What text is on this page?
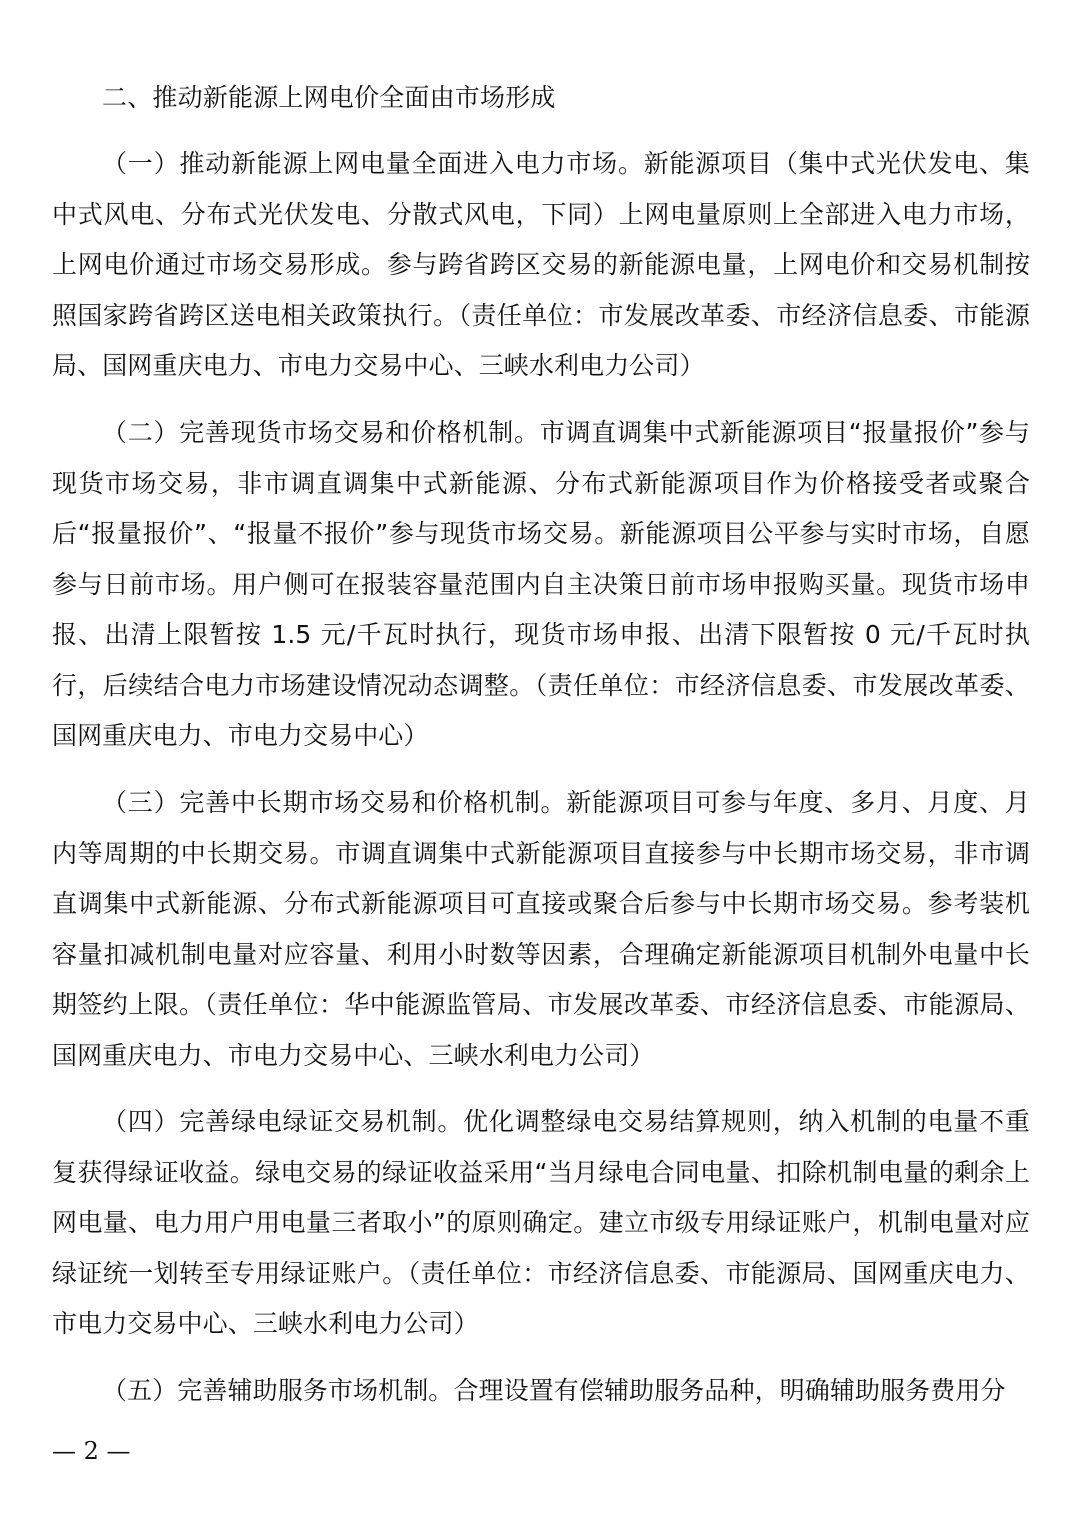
二、推动新能源上网电价全面由市场形成

（一）推动新能源上网电量全面进入电力市场。新能源项目（集中式光伏发电、集中式风电、分布式光伏发电、分散式风电，下同）上网电量原则上全部进入电力市场，上网电价通过市场交易形成。参与跨省跨区交易的新能源电量，上网电价和交易机制按照国家跨省跨区送电相关政策执行。（责任单位：市发展改革委、市经济信息委、市能源局、国网重庆电力、市电力交易中心、三峡水利电力公司）

（二）完善现货市场交易和价格机制。市调直调集中式新能源项目“报量报价”参与现货市场交易，非市调直调集中式新能源、分布式新能源项目作为价格接受者或聚合后“报量报价”、“报量不报价”参与现货市场交易。新能源项目公平参与实时市场，自愿参与日前市场。用户侧可在报装容量范围内自主决策日前市场申报购买量。现货市场申报、出清上限暂按 1.5 元/千瓦时执行，现货市场申报、出清下限暂按 0 元/千瓦时执行，后续结合电力市场建设情况动态调整。（责任单位：市经济信息委、市发展改革委、国网重庆电力、市电力交易中心）

（三）完善中长期市场交易和价格机制。新能源项目可参与年度、多月、月度、月内等周期的中长期交易。市调直调集中式新能源项目直接参与中长期市场交易，非市调直调集中式新能源、分布式新能源项目可直接或聚合后参与中长期市场交易。参考装机容量扣减机制电量对应容量、利用小时数等因素，合理确定新能源项目机制外电量中长期签约上限。（责任单位：华中能源监管局、市发展改革委、市经济信息委、市能源局、国网重庆电力、市电力交易中心、三峡水利电力公司）

（四）完善绿电绿证交易机制。优化调整绿电交易结算规则，纳入机制的电量不重复获得绿证收益。绿电交易的绿证收益采用“当月绿电合同电量、扣除机制电量的剩余上网电量、电力用户用电量三者取小”的原则确定。建立市级专用绿证账户，机制电量对应绿证统一划转至专用绿证账户。（责任单位：市经济信息委、市能源局、国网重庆电力、市电力交易中心、三峡水利电力公司）

（五）完善辅助服务市场机制。合理设置有偿辅助服务品种，明确辅助服务费用分

— 2 —
